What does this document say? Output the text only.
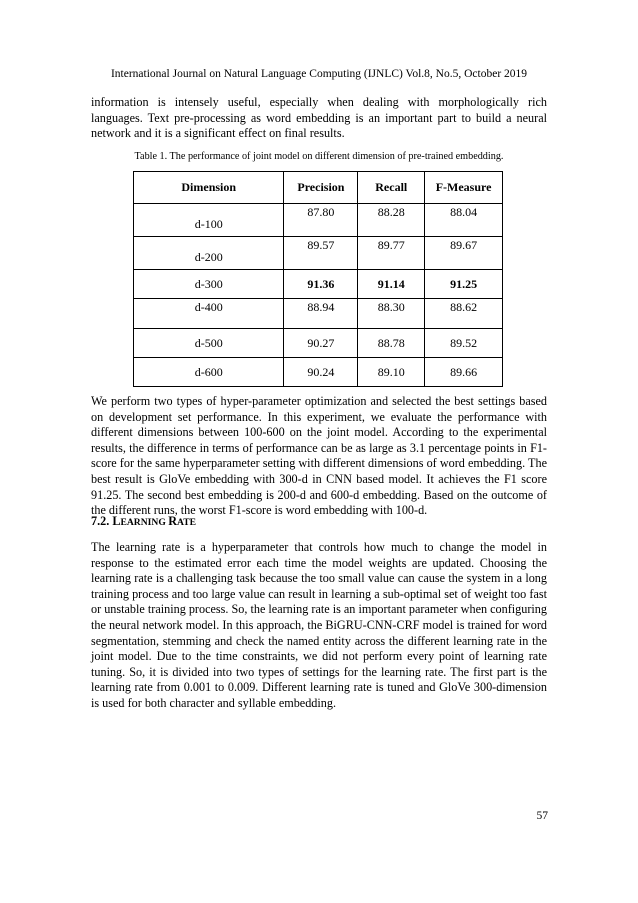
International Journal on Natural Language Computing (IJNLC) Vol.8, No.5, October 2019

information is intensely useful, especially when dealing with morphologically rich languages. Text pre-processing as word embedding is an important part to build a neural network and it is a significant effect on final results.

Table 1. The performance of joint model on different dimension of pre-trained embedding.
Dimension	Precision	Recall	F-Measure
d-100	87.80	88.28	88.04
d-200	89.57	89.77	89.67
d-300	91.36	91.14	91.25
d-400	88.94	88.30	88.62
d-500	90.27	88.78	89.52
d-600	90.24	89.10	89.66

We perform two types of hyper-parameter optimization and selected the best settings based on development set performance. In this experiment, we evaluate the performance with different dimensions between 100-600 on the joint model. According to the experimental results, the difference in terms of performance can be as large as 3.1 percentage points in F1-score for the same hyperparameter setting with different dimensions of word embedding. The best result is GloVe embedding with 300-d in CNN based model. It achieves the F1 score 91.25. The second best embedding is 200-d and 600-d embedding. Based on the outcome of the different runs, the worst F1-score is word embedding with 100-d.

7.2. LEARNING RATE

The learning rate is a hyperparameter that controls how much to change the model in response to the estimated error each time the model weights are updated. Choosing the learning rate is a challenging task because the too small value can cause the system in a long training process and too large value can result in learning a sub-optimal set of weight too fast or unstable training process. So, the learning rate is an important parameter when configuring the neural network model. In this approach, the BiGRU-CNN-CRF model is trained for word segmentation, stemming and check the named entity across the different learning rate in the joint model. Due to the time constraints, we did not perform every point of learning rate tuning. So, it is divided into two types of settings for the learning rate. The first part is the learning rate from 0.001 to 0.009. Different learning rate is tuned and GloVe 300-dimension is used for both character and syllable embedding.

57
